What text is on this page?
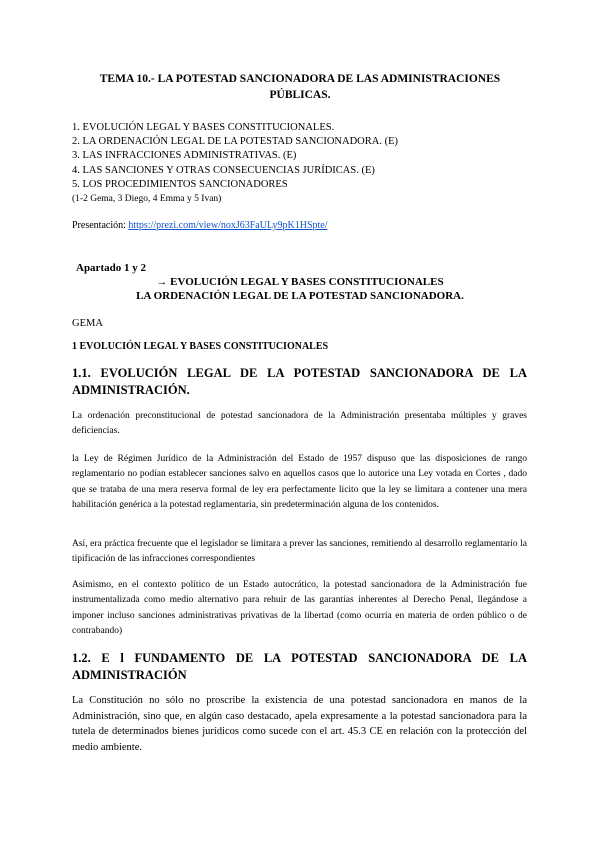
TEMA 10.- LA POTESTAD SANCIONADORA DE LAS ADMINISTRACIONES PÚBLICAS.
1. EVOLUCIÓN LEGAL Y BASES CONSTITUCIONALES.
2. LA ORDENACIÓN LEGAL DE LA POTESTAD SANCIONADORA. (E)
3. LAS INFRACCIONES ADMINISTRATIVAS. (E)
4. LAS SANCIONES Y OTRAS CONSECUENCIAS JURÍDICAS. (E)
5. LOS PROCEDIMIENTOS SANCIONADORES
(1-2 Gema, 3 Diego, 4 Emma y 5 Ivan)
Presentación: https://prezi.com/view/noxJ63FaULy9pK1HSpte/
Apartado 1 y 2
→ EVOLUCIÓN LEGAL Y BASES CONSTITUCIONALES
LA ORDENACIÓN LEGAL DE LA POTESTAD SANCIONADORA.
GEMA
1 EVOLUCIÓN LEGAL Y BASES CONSTITUCIONALES
1.1. EVOLUCIÓN LEGAL DE LA POTESTAD SANCIONADORA DE LA ADMINISTRACIÓN.

La ordenación preconstitucional de potestad sancionadora de la Administración presentaba múltiples y graves deficiencias.

la Ley de Régimen Jurídico de la Administración del Estado de 1957 dispuso que las disposiciones de rango reglamentario no podían establecer sanciones salvo en aquellos casos que lo autorice una Ley votada en Cortes , dado que se trataba de una mera reserva formal de ley era perfectamente licito que la ley se limitara a contener una mera habilitación genérica a la potestad reglamentaria, sin predeterminación alguna de los contenidos.

Así, era práctica frecuente que el legislador se limitara a prever las sanciones, remitiendo al desarrollo reglamentario la tipificación de las infracciones correspondientes

Asimismo, en el contexto político de un Estado autocrático, la potestad sancionadora de la Administración fue instrumentalizada como medio alternativo para rehuir de las garantías inherentes al Derecho Penal, llegándose a imponer incluso sanciones administrativas privativas de la libertad (como ocurría en materia de orden público o de contrabando)

1.2. E l FUNDAMENTO DE LA POTESTAD SANCIONADORA DE LA ADMINISTRACIÓN

La Constitución no sólo no proscribe la existencia de una potestad sancionadora en manos de la Administración, sino que, en algún caso destacado, apela expresamente a la potestad sancionadora para la tutela de determinados bienes jurídicos como sucede con el art. 45.3 CE en relación con la protección del medio ambiente.
